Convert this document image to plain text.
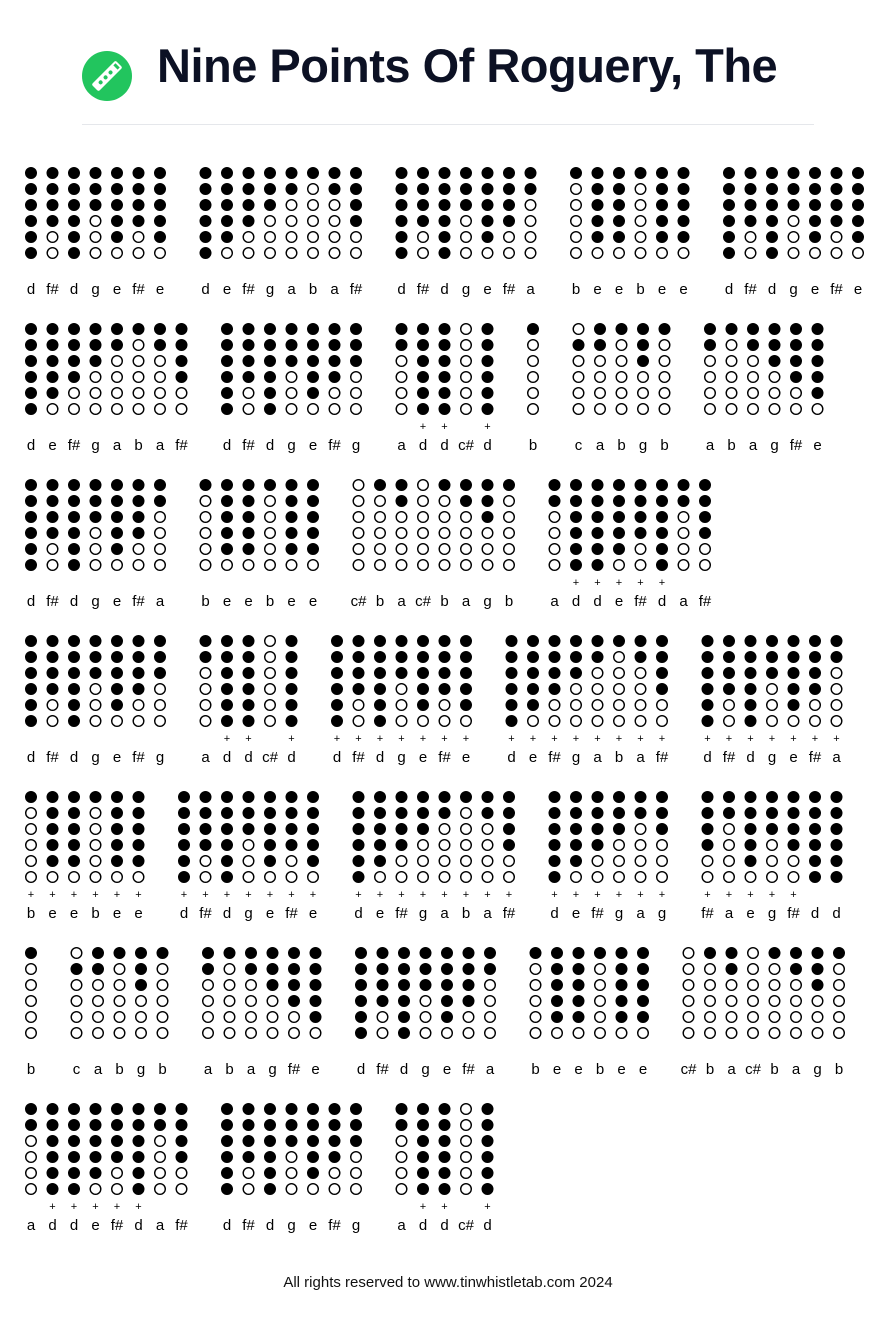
Nine Points Of Roguery, The
d f# d g e f# e d e f# g a b a f# d f# d g e f# a b e e b e e d f# d g e f# e
d e f# g a b a f# d f# d g e f# g a
+
d
+
d c#
+
d b	c a b g b a b a g f# e
d f# d g e f# a b e e b e e c# b a c# b a g b a
+
d
+
d
+
e
+
f#
+
d a f#
d f# d g e f# g a
+
d
+
d c#
+
d
+
d
+
f#
+
d
+
g
+
e
+
f#
+
e
+
d
+
e
+
f#
+
g
+
a
+
b
+
a
+
f#
+
d
+
f#
+
d
+
g
+
e
+
f#
+
a
+
b
+
e
+
e
+
b
+
e
+
e
+
d
+
f#
+
d
+
g
+
e
+
f#
+
e
+
d
+
e
+
f#
+
g
+
a
+
b
+
a
+
f#
+
d
+
e
+
f#
+
g
+
a
+
g
+
f#
+
a
+
e
+
g
+
f# d d
b	c a b g b a b a g f# e d f# d g e f# a b e e b e e c# b a c# b a g b
a
+
d
+
d
+
e
+
f#
+
d a f# d f# d g e f# g a
+
d
+
d c#
+
d
All rights reserved to www.tinwhistletab.com 2024
